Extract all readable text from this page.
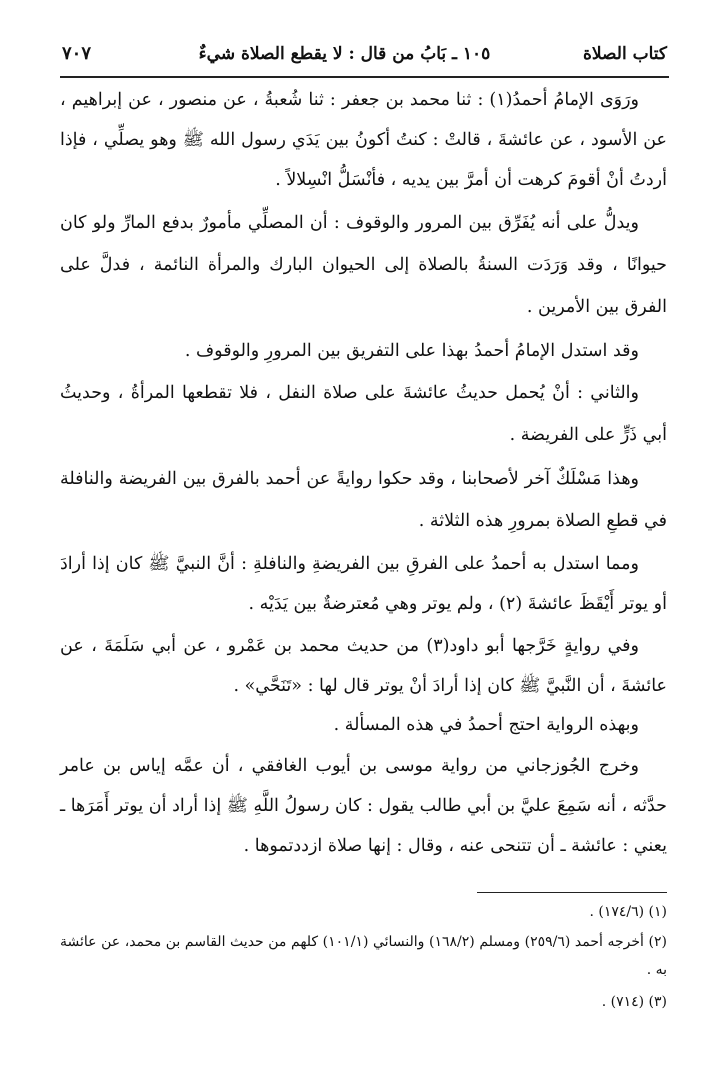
كتاب الصلاة
١٠٥ ـ بَابُ من قال : لا يقطع الصلاة شيءٌ
٧٠٧

ورَوَى الإمامُ أحمدُ(١) : ثنا محمد بن جعفر : ثنا شُعبةُ ، عن منصور ، عن إبراهيم ، عن الأسود ، عن عائشةَ ، قالتْ : كنتُ أكونُ بين يَدَي رسول الله ﷺ وهو يصلِّي ، فإذا أردتُ أنْ أقومَ كرهت أن أمرَّ بين يديه ، فأنْسَلُّ انْسِلالاً .

ويدلُّ على أنه يُفَرِّق بين المرور والوقوف : أن المصلِّي مأمورٌ بدفع المارِّ ولو كان حيوانًا ، وقد وَرَدَت السنةُ بالصلاة إلى الحيوان البارك والمرأة النائمة ، فدلَّ على الفرق بين الأمرين .

وقد استدل الإمامُ أحمدُ بهذا على التفريق بين المرورِ والوقوف .

والثاني : أنْ يُحمل حديثُ عائشةَ على صلاة النفل ، فلا تقطعها المرأةُ ، وحديثُ أبي ذَرٍّ على الفريضة .

وهذا مَسْلَكٌ آخر لأصحابنا ، وقد حكوا روايةً عن أحمد بالفرق بين الفريضة والنافلة في قطعِ الصلاة بمرورِ هذه الثلاثة .

ومما استدل به أحمدُ على الفرقِ بين الفريضةِ والنافلةِ : أنَّ النبيَّ ﷺ كان إذا أرادَ أو يوتر أَيْقَظَ عائشةَ (٢) ، ولم يوتر وهي مُعترضةٌ بين يَدَيْه .

وفي روايةٍ خَرَّجها أبو داود(٣) من حديث محمد بن عَمْرو ، عن أبي سَلَمَةَ ، عن عائشةَ ، أن النَّبيَّ ﷺ كان إذا أرادَ أنْ يوتر قال لها : «تَنَحَّي» .

وبهذه الرواية احتج أحمدُ في هذه المسألة .

وخرج الجُوزجاني من رواية موسى بن أيوب الغافقي ، أن عمَّه إياس بن عامر حدَّثه ، أنه سَمِعَ عليَّ بن أبي طالب يقول : كان رسولُ اللَّهِ ﷺ إذا أراد أن يوتر أَمَرَها ـ يعني : عائشة ـ أن تتنحى عنه ، وقال : إنها صلاة ازددتموها .

(١) (١٧٤/٦) .

(٢) أخرجه أحمد (٢٥٩/٦) ومسلم (١٦٨/٢) والنسائي (١٠١/١) كلهم من حديث القاسم بن محمد، عن عائشة به .

(٣) (٧١٤) .
